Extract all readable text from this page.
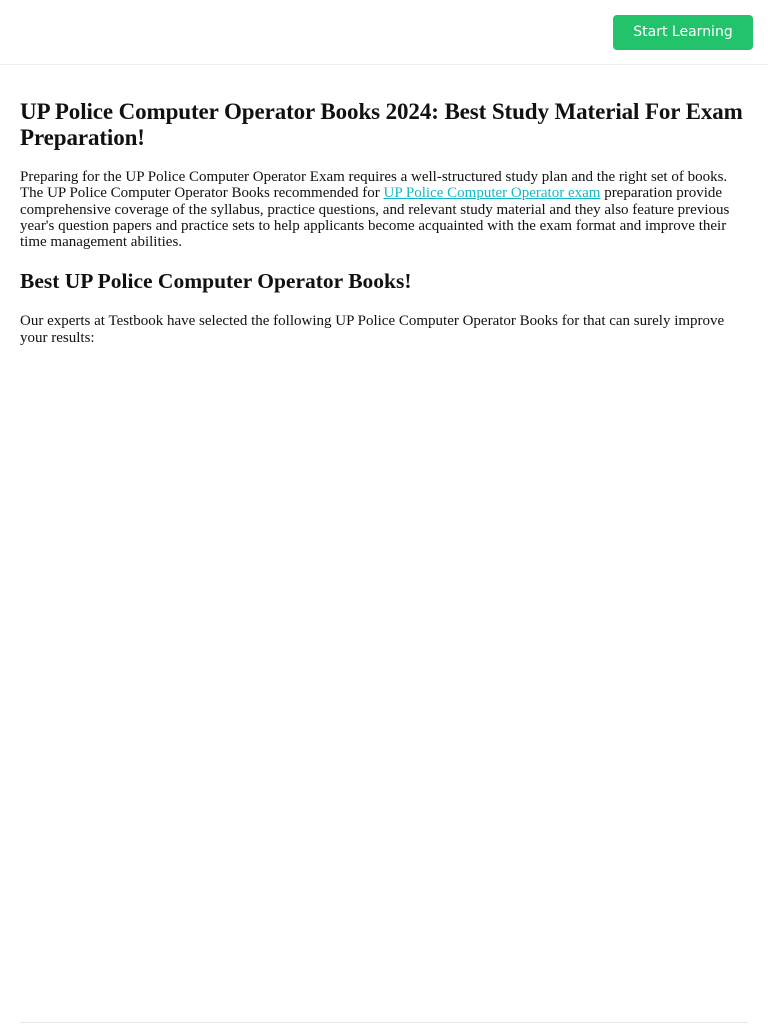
Start Learning
UP Police Computer Operator Books 2024: Best Study Material For Exam Preparation!

Preparing for the UP Police Computer Operator Exam requires a well-structured study plan and the right set of books. The UP Police Computer Operator Books recommended for UP Police Computer Operator exam preparation provide comprehensive coverage of the syllabus, practice questions, and relevant study material and they also feature previous year's question papers and practice sets to help applicants become acquainted with the exam format and improve their time management abilities.

Best UP Police Computer Operator Books!

Our experts at Testbook have selected the following UP Police Computer Operator Books for that can surely improve your results:
